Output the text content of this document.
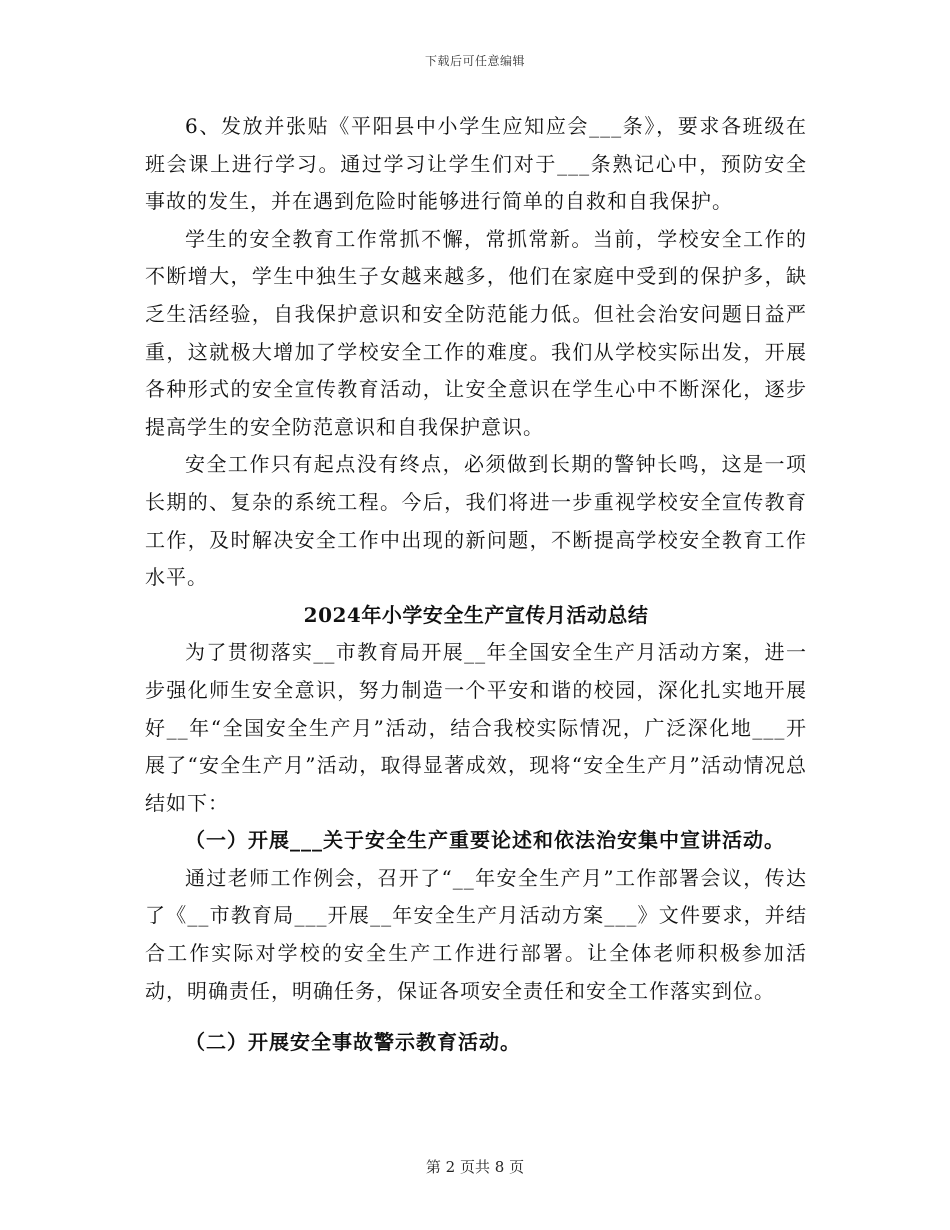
下载后可任意编辑

6、发放并张贴《平阳县中小学生应知应会___条》，要求各班级在班会课上进行学习。通过学习让学生们对于___条熟记心中，预防安全事故的发生，并在遇到危险时能够进行简单的自救和自我保护。

学生的安全教育工作常抓不懈，常抓常新。当前，学校安全工作的不断增大，学生中独生子女越来越多，他们在家庭中受到的保护多，缺乏生活经验，自我保护意识和安全防范能力低。但社会治安问题日益严重，这就极大增加了学校安全工作的难度。我们从学校实际出发，开展各种形式的安全宣传教育活动，让安全意识在学生心中不断深化，逐步提高学生的安全防范意识和自我保护意识。

安全工作只有起点没有终点，必须做到长期的警钟长鸣，这是一项长期的、复杂的系统工程。今后，我们将进一步重视学校安全宣传教育工作，及时解决安全工作中出现的新问题，不断提高学校安全教育工作水平。

2024年小学安全生产宣传月活动总结

为了贯彻落实__市教育局开展__年全国安全生产月活动方案，进一步强化师生安全意识，努力制造一个平安和谐的校园，深化扎实地开展好__年“全国安全生产月”活动，结合我校实际情况，广泛深化地___开展了“安全生产月”活动，取得显著成效，现将“安全生产月”活动情况总结如下：

（一）开展___关于安全生产重要论述和依法治安集中宣讲活动。

通过老师工作例会，召开了“__年安全生产月”工作部署会议，传达了《__市教育局___开展__年安全生产月活动方案___》文件要求，并结合工作实际对学校的安全生产工作进行部署。让全体老师积极参加活动，明确责任，明确任务，保证各项安全责任和安全工作落实到位。

（二）开展安全事故警示教育活动。

第 2 页共 8 页
